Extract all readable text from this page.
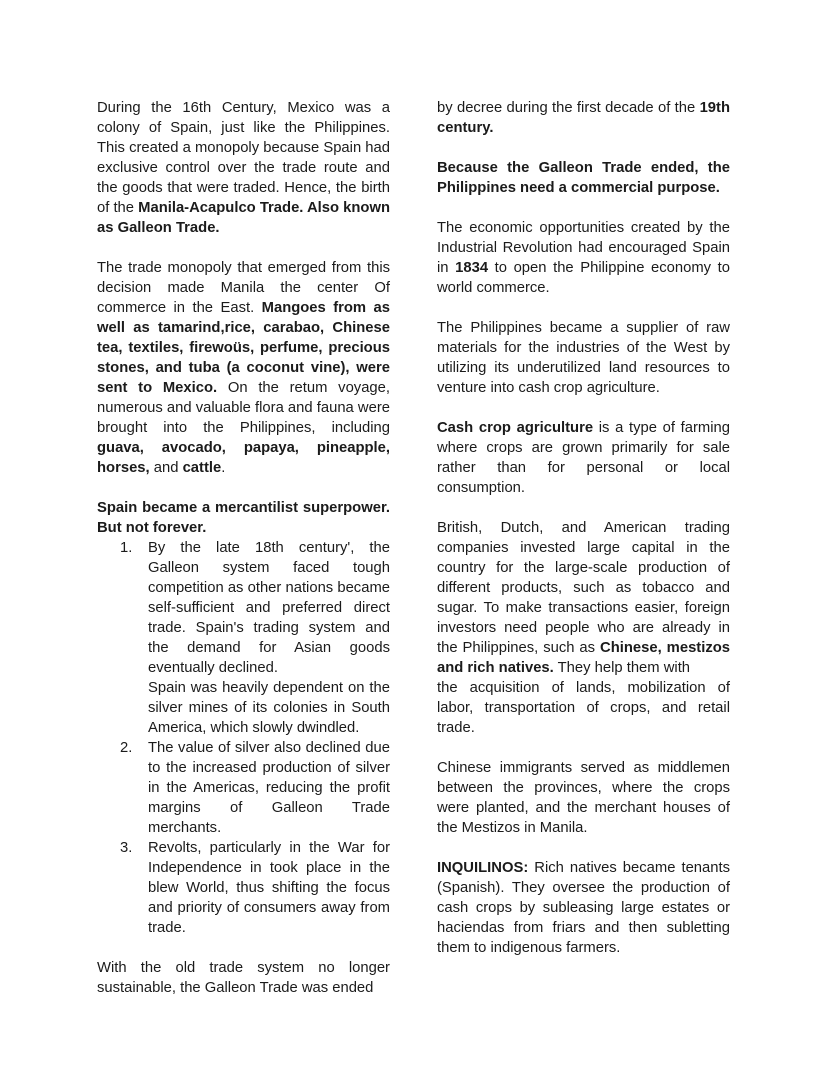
During the 16th Century, Mexico was a colony of Spain, just like the Philippines. This created a monopoly because Spain had exclusive control over the trade route and the goods that were traded. Hence, the birth of the Manila-Acapulco Trade. Also known as Galleon Trade.

The trade monopoly that emerged from this decision made Manila the center Of commerce in the East. Mangoes from as well as tamarind,rice, carabao, Chinese tea, textiles, firewoüs, perfume, precious stones, and tuba (a coconut vine), were sent to Mexico. On the retum voyage, numerous and valuable flora and fauna were brought into the Philippines, including guava, avocado, papaya, pineapple, horses, and cattle.

Spain became a mercantilist superpower. But not forever.

1.	By the late 18th century', the Galleon system faced tough competition as other nations became self-sufficient and preferred direct trade. Spain's trading system and the demand for Asian goods eventually declined.
Spain was heavily dependent on the silver mines of its colonies in South America, which slowly dwindled.
2.	The value of silver also declined due to the increased production of silver in the Americas, reducing the profit margins of Galleon Trade merchants.
3.	Revolts, particularly in the War for Independence in took place in the blew World, thus shifting the focus and priority of consumers away from trade.

With the old trade system no longer sustainable, the Galleon Trade was ended

by decree during the first decade of the 19th century.

Because the Galleon Trade ended, the Philippines need a commercial purpose.

The economic opportunities created by the Industrial Revolution had encouraged Spain in 1834 to open the Philippine economy to world commerce.

The Philippines became a supplier of raw materials for the industries of the West by utilizing its underutilized land resources to venture into cash crop agriculture.

Cash crop agriculture is a type of farming where crops are grown primarily for sale rather than for personal or local consumption.

British, Dutch, and American trading companies invested large capital in the country for the large-scale production of different products, such as tobacco and sugar. To make transactions easier, foreign investors need people who are already in the Philippines, such as Chinese, mestizos and rich natives. They help them with
the acquisition of lands, mobilization of labor, transportation of crops, and retail trade.

Chinese immigrants served as middlemen between the provinces, where the crops were planted, and the merchant houses of the Mestizos in Manila.

INQUILINOS: Rich natives became tenants (Spanish). They oversee the production of cash crops by subleasing large estates or haciendas from friars and then subletting them to indigenous farmers.
